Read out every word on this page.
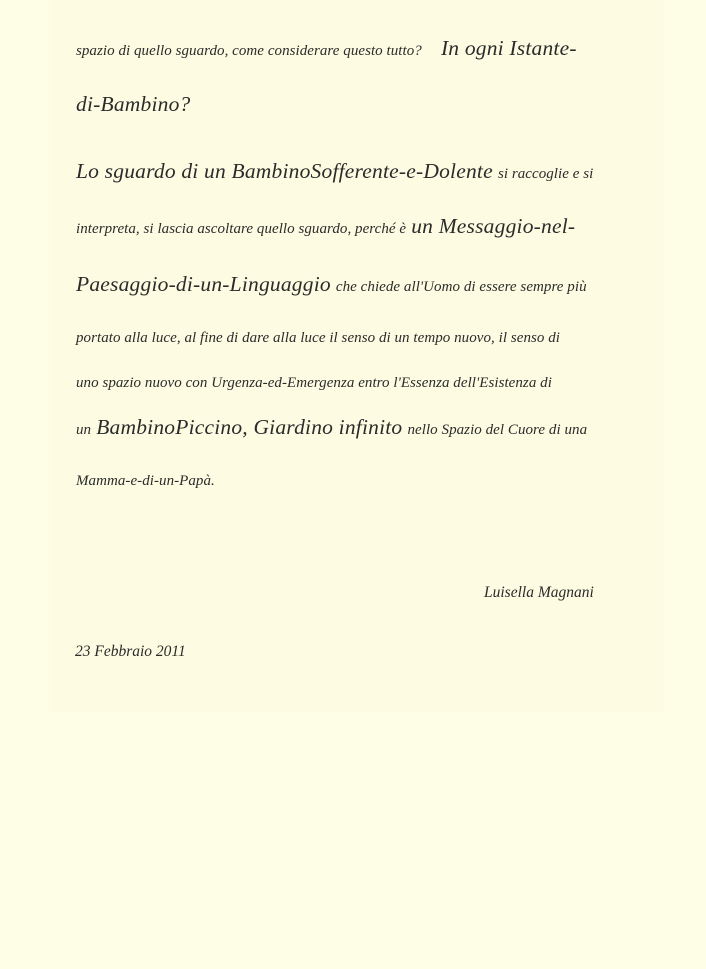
spazio di quello sguardo, come considerare questo tutto? In ogni Istante-
di-Bambino?
Lo sguardo di un BambinoSofferente-e-Dolente si raccoglie e si
interpreta, si lascia ascoltare quello sguardo, perché è un Messaggio-nel-
Paesaggio-di-un-Linguaggio che chiede all'Uomo di essere sempre più
portato alla luce, al fine di dare alla luce il senso di un tempo nuovo, il senso di
uno spazio nuovo con Urgenza-ed-Emergenza entro l'Essenza dell'Esistenza di
un BambinoPiccino, Giardino infinito nello Spazio del Cuore di una
Mamma-e-di-un-Papà.
Luisella Magnani
23 Febbraio 2011
